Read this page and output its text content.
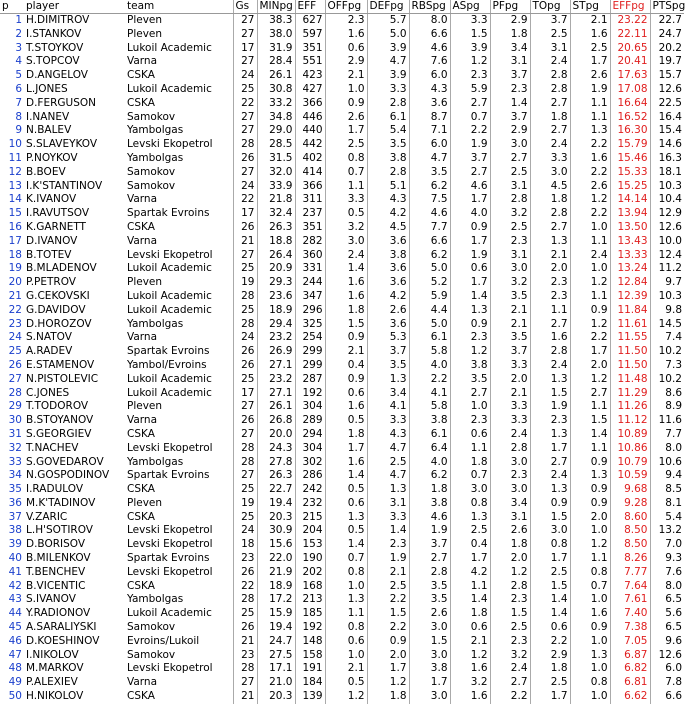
p	player	team	Gs	MINpg	EFF	OFFpg	DEFpg	RBSpg	ASpg	PFpg	TOpg	STpg	EFFpg	PTSpg
1	H.DIMITROV	Pleven	27	38.3	627	2.3	5.7	8.0	3.3	2.9	3.7	2.1	23.22	22.7
2	I.STANKOV	Pleven	27	38.0	597	1.6	5.0	6.6	1.5	1.8	2.5	1.6	22.11	24.7
3	T.STOYKOV	Lukoil Academic	17	31.9	351	0.6	3.9	4.6	3.9	3.4	3.1	2.5	20.65	20.2
4	S.TOPCOV	Varna	27	28.4	551	2.9	4.7	7.6	1.2	3.1	2.4	1.7	20.41	19.7
5	D.ANGELOV	CSKA	24	26.1	423	2.1	3.9	6.0	2.3	3.7	2.8	2.6	17.63	15.7
6	L.JONES	Lukoil Academic	25	30.8	427	1.0	3.3	4.3	5.9	2.3	2.8	1.9	17.08	12.6
7	D.FERGUSON	CSKA	22	33.2	366	0.9	2.8	3.6	2.7	1.4	2.7	1.1	16.64	22.5
8	I.NANEV	Samokov	27	34.8	446	2.6	6.1	8.7	0.7	3.7	1.8	1.1	16.52	16.4
9	N.BALEV	Yambolgas	27	29.0	440	1.7	5.4	7.1	2.2	2.9	2.7	1.3	16.30	15.4
10	S.SLAVEYKOV	Levski Ekopetrol	28	28.5	442	2.5	3.5	6.0	1.9	3.0	2.4	2.2	15.79	14.6
11	P.NOYKOV	Yambolgas	26	31.5	402	0.8	3.8	4.7	3.7	2.7	3.3	1.6	15.46	16.3
12	B.BOEV	Samokov	27	32.0	414	0.7	2.8	3.5	2.7	2.5	3.0	2.2	15.33	18.1
13	I.K'STANTINOV	Samokov	24	33.9	366	1.1	5.1	6.2	4.6	3.1	4.5	2.6	15.25	10.3
14	K.IVANOV	Varna	22	21.8	311	3.3	4.3	7.5	1.7	2.8	1.8	1.2	14.14	10.4
15	I.RAVUTSOV	Spartak Evroins	17	32.4	237	0.5	4.2	4.6	4.0	3.2	2.8	2.2	13.94	12.9
16	K.GARNETT	CSKA	26	26.3	351	3.2	4.5	7.7	0.9	2.5	2.7	1.0	13.50	12.6
17	D.IVANOV	Varna	21	18.8	282	3.0	3.6	6.6	1.7	2.3	1.3	1.1	13.43	10.0
18	B.TOTEV	Levski Ekopetrol	27	26.4	360	2.4	3.8	6.2	1.9	3.1	2.1	2.4	13.33	12.4
19	B.MLADENOV	Lukoil Academic	25	20.9	331	1.4	3.6	5.0	0.6	3.0	2.0	1.0	13.24	11.2
20	P.PETROV	Pleven	19	29.3	244	1.6	3.6	5.2	1.7	3.2	2.3	1.2	12.84	9.7
21	G.CEKOVSKI	Lukoil Academic	28	23.6	347	1.6	4.2	5.9	1.4	3.5	2.3	1.1	12.39	10.3
22	G.DAVIDOV	Lukoil Academic	25	18.9	296	1.8	2.6	4.4	1.3	2.1	1.1	0.9	11.84	9.8
23	D.HOROZOV	Yambolgas	28	29.4	325	1.5	3.6	5.0	0.9	2.1	2.7	1.2	11.61	14.5
24	S.NATOV	Varna	24	23.2	254	0.9	5.3	6.1	2.3	3.5	1.6	2.2	11.55	7.4
25	A.RADEV	Spartak Evroins	26	26.9	299	2.1	3.7	5.8	1.2	3.7	2.8	1.7	11.50	10.2
26	E.STAMENOV	Yambol/Evroins	26	27.1	299	0.4	3.5	4.0	3.8	3.3	2.4	2.0	11.50	7.3
27	N.PISTOLEVIC	Lukoil Academic	25	23.2	287	0.9	1.3	2.2	3.5	2.0	1.3	1.2	11.48	10.2
28	C.JONES	Lukoil Academic	17	27.1	192	0.6	3.4	4.1	2.7	2.1	1.5	2.7	11.29	8.6
29	T.TODOROV	Pleven	27	26.1	304	1.6	4.1	5.8	1.0	3.3	1.9	1.1	11.26	8.9
30	B.STOYANOV	Varna	26	26.8	289	0.5	3.3	3.8	2.3	3.3	2.3	1.5	11.12	11.6
31	S.GEORGIEV	CSKA	27	20.0	294	1.8	4.3	6.1	0.6	2.4	1.3	1.4	10.89	7.7
32	T.NACHEV	Levski Ekopetrol	28	24.3	304	1.7	4.7	6.4	1.1	2.8	1.7	1.1	10.86	8.0
33	S.GOVEDAROV	Yambolgas	28	27.8	302	1.6	2.5	4.0	1.8	3.0	2.7	0.9	10.79	10.6
34	N.GOSPODINOV	Spartak Evroins	27	26.3	286	1.4	4.7	6.2	0.7	2.3	2.4	1.3	10.59	9.4
35	I.RADULOV	CSKA	25	22.7	242	0.5	1.3	1.8	3.0	3.0	1.3	0.9	9.68	8.5
36	M.K'TADINOV	Pleven	19	19.4	232	0.6	3.1	3.8	0.8	3.4	0.9	0.9	9.28	8.1
37	V.ZARIC	CSKA	25	20.3	215	1.3	3.3	4.6	1.3	3.1	1.5	2.0	8.60	5.4
38	L.H'SOTIROV	Levski Ekopetrol	24	30.9	204	0.5	1.4	1.9	2.5	2.6	3.0	1.0	8.50	13.2
39	D.BORISOV	Levski Ekopetrol	18	15.6	153	1.4	2.3	3.7	0.4	1.8	0.8	1.2	8.50	7.0
40	B.MILENKOV	Spartak Evroins	23	22.0	190	0.7	1.9	2.7	1.7	2.0	1.7	1.1	8.26	9.3
41	T.BENCHEV	Levski Ekopetrol	26	21.9	202	0.8	2.1	2.8	4.2	1.2	2.5	0.8	7.77	7.6
42	B.VICENTIC	CSKA	22	18.9	168	1.0	2.5	3.5	1.1	2.8	1.5	0.7	7.64	8.0
43	S.IVANOV	Yambolgas	28	17.2	213	1.3	2.2	3.5	1.4	2.3	1.4	1.0	7.61	6.5
44	Y.RADIONOV	Lukoil Academic	25	15.9	185	1.1	1.5	2.6	1.8	1.5	1.4	1.6	7.40	5.6
45	A.SARALIYSKI	Samokov	26	19.4	192	0.8	2.2	3.0	0.6	2.5	0.6	0.9	7.38	6.5
46	D.KOESHINOV	Evroins/Lukoil	21	24.7	148	0.6	0.9	1.5	2.1	2.3	2.2	1.0	7.05	9.6
47	I.NIKOLOV	Samokov	23	27.5	158	1.0	2.0	3.0	1.2	3.2	2.9	1.3	6.87	12.6
48	M.MARKOV	Levski Ekopetrol	28	17.1	191	2.1	1.7	3.8	1.6	2.4	1.8	1.0	6.82	6.0
49	P.ALEXIEV	Varna	27	21.0	184	0.5	1.2	1.7	3.2	2.7	2.5	0.8	6.81	7.8
50	H.NIKOLOV	CSKA	21	20.3	139	1.2	1.8	3.0	1.6	2.2	1.7	1.0	6.62	6.6
